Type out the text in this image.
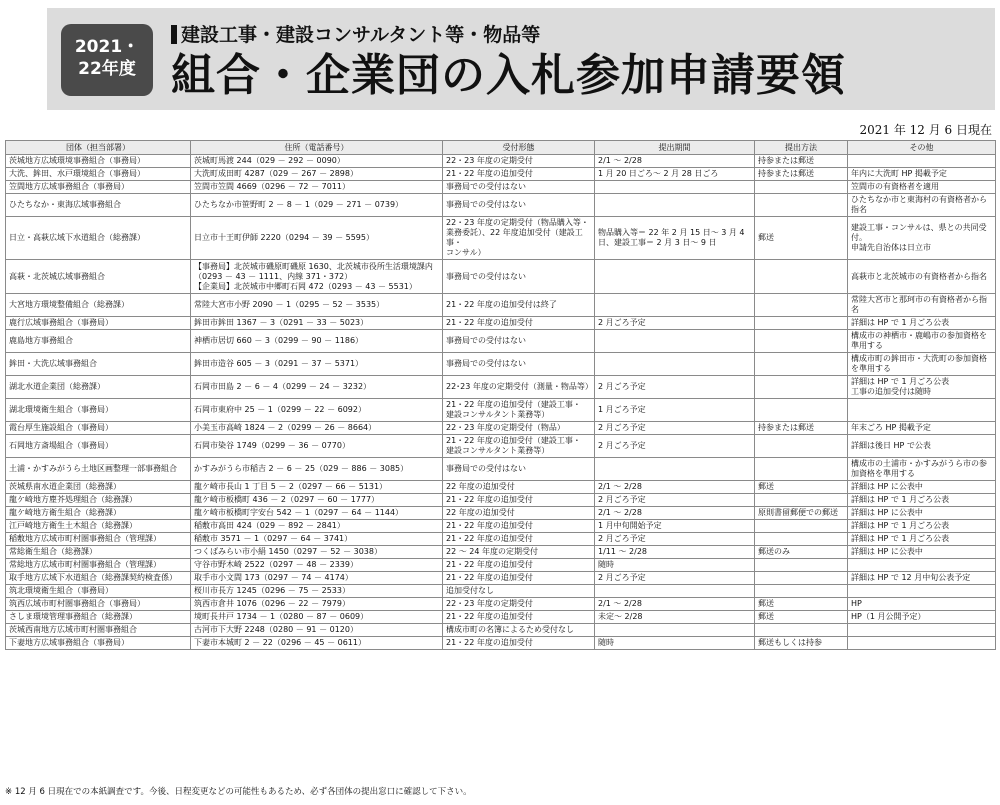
2021・
22年度
建設工事・建設コンサルタント等・物品等
組合・企業団の入札参加申請要領
2021 年 12 月 6 日現在
団体（担当部署）	住所（電話番号）	受付形態	提出期間	提出方法	その他
茨城地方広域環境事務組合（事務局）	茨城町馬渡 244（029 － 292 － 0090）	22・23 年度の定期受付	2/1 ～ 2/28	持参または郵送	
大洗、鉾田、水戸環境組合（事務局）	大洗町成田町 4287（029 － 267 － 2898）	21・22 年度の追加受付	1 月 20 日ごろ～ 2 月 28 日ごろ	持参または郵送	年内に大洗町 HP 掲載予定
笠間地方広域事務組合（事務局）	笠間市笠間 4669（0296 － 72 － 7011）	事務局での受付はない			笠間市の有資格者を適用
ひたちなか・東海広域事務組合	ひたちなか市笹野町 2 － 8 － 1（029 － 271 － 0739）	事務局での受付はない			ひたちなか市と東海村の有資格者から
指名
日立・高萩広域下水道組合（総務課）	日立市十王町伊師 2220（0294 － 39 － 5595）	22・23 年度の定期受付（物品購入等・
業務委託）、22 年度追加受付（建設工事・
コンサル）	物品購入等＝ 22 年 2 月 15 日～ 3 月 4
日、建設工事＝ 2 月 3 日～ 9 日	郵送	建設工事・コンサルは、県との共同受付。
申請先自治体は日立市
高萩・北茨城広域事務組合	【事務局】北茨城市磯原町磯原 1630、北茨城市役所生活環境課内
（0293 － 43 － 1111、内線 371・372）
【企業局】北茨城市中郷町石岡 472（0293 － 43 － 5531）	事務局での受付はない			高萩市と北茨城市の有資格者から指名
大宮地方環境整備組合（総務課）	常陸大宮市小野 2090 － 1（0295 － 52 － 3535）	21・22 年度の追加受付は終了			常陸大宮市と那珂市の有資格者から指
名
鹿行広域事務組合（事務局）	鉾田市鉾田 1367 － 3（0291 － 33 － 5023）	21・22 年度の追加受付	2 月ごろ予定		詳細は HP で 1 月ごろ公表
鹿島地方事務組合	神栖市居切 660 － 3（0299 － 90 － 1186）	事務局での受付はない			構成市の神栖市・鹿嶋市の参加資格を
準用する
鉾田・大洗広域事務組合	鉾田市造谷 605 － 3（0291 － 37 － 5371）	事務局での受付はない			構成市町の鉾田市・大洗町の参加資格
を準用する
湖北水道企業団（総務課）	石岡市田島 2 － 6 － 4（0299 － 24 － 3232）	22･23 年度の定期受付（測量・物品等）	2 月ごろ予定		詳細は HP で 1 月ごろ公表
工事の追加受付は随時
湖北環境衛生組合（事務局）	石岡市東府中 25 － 1（0299 － 22 － 6092）	21・22 年度の追加受付（建設工事・
建設コンサルタント業務等）	1 月ごろ予定		
霞台厚生施設組合（事務局）	小美玉市高崎 1824 － 2（0299 － 26 － 8664）	22・23 年度の定期受付（物品）	2 月ごろ予定	持参または郵送	年末ごろ HP 掲載予定
石岡地方斎場組合（事務局）	石岡市染谷 1749（0299 － 36 － 0770）	21・22 年度の追加受付（建設工事・
建設コンサルタント業務等）	2 月ごろ予定		詳細は後日 HP で公表
土浦・かすみがうら土地区画整理一部事務組合	かすみがうら市稲吉 2 － 6 － 25（029 － 886 － 3085）	事務局での受付はない			構成市の土浦市・かすみがうら市の参
加資格を準用する
茨城県南水道企業団（総務課）	龍ケ崎市長山 1 丁目 5 － 2（0297 － 66 － 5131）	22 年度の追加受付	2/1 ～ 2/28	郵送	詳細は HP に公表中
龍ケ崎地方塵芥処理組合（総務課）	龍ケ崎市板橋町 436 － 2（0297 － 60 － 1777）	21・22 年度の追加受付	2 月ごろ予定		詳細は HP で 1 月ごろ公表
龍ケ崎地方衛生組合（総務課）	龍ケ崎市板橋町字安台 542 － 1（0297 － 64 － 1144）	22 年度の追加受付	2/1 ～ 2/28	原則書留郵便での郵送	詳細は HP に公表中
江戸崎地方衛生土木組合（総務課）	稲敷市高田 424（029 － 892 － 2841）	21・22 年度の追加受付	1 月中旬開始予定		詳細は HP で 1 月ごろ公表
稲敷地方広域市町村圏事務組合（管理課）	稲敷市 3571 － 1（0297 － 64 － 3741）	21・22 年度の追加受付	2 月ごろ予定		詳細は HP で 1 月ごろ公表
常総衛生組合（総務課）	つくばみらい市小絹 1450（0297 － 52 － 3038）	22 ～ 24 年度の定期受付	1/11 ～ 2/28	郵送のみ	詳細は HP に公表中
常総地方広域市町村圏事務組合（管理課）	守谷市野木崎 2522（0297 － 48 － 2339）	21・22 年度の追加受付	随時		
取手地方広域下水道組合（総務課契約検査係）	取手市小文間 173（0297 － 74 － 4174）	21・22 年度の追加受付	2 月ごろ予定		詳細は HP で 12 月中旬公表予定
筑北環境衛生組合（事務局）	桜川市長方 1245（0296 － 75 － 2533）	追加受付なし			
筑西広域市町村圏事務組合（事務局）	筑西市倉井 1076（0296 － 22 － 7979）	22・23 年度の定期受付	2/1 ～ 2/28	郵送	HP
さしま環境管理事務組合（総務課）	境町長井戸 1734 － 1（0280 － 87 － 0609）	21・22 年度の追加受付	未定～ 2/28	郵送	HP（1 月公開予定）
茨城西南地方広域市町村圏事務組合	古河市下大野 2248（0280 － 91 － 0120）	構成市町の名簿によるため受付なし			
下妻地方広域事務組合（事務局）	下妻市本城町 2 － 22（0296 － 45 － 0611）	21・22 年度の追加受付	随時	郵送もしくは持参	
※ 12 月 6 日現在での本紙調査です。今後、日程変更などの可能性もあるため、必ず各団体の提出窓口に確認して下さい。
